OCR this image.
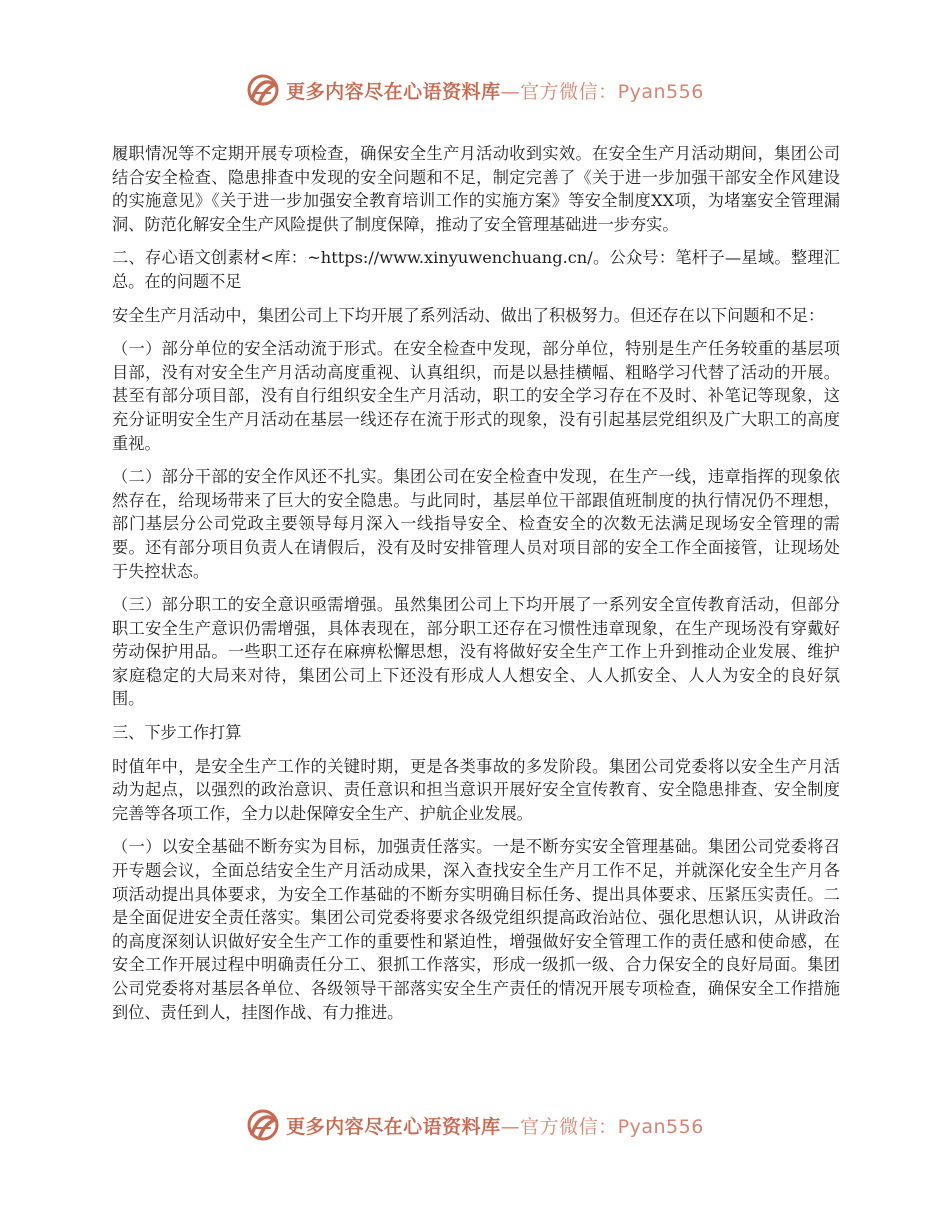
更多内容尽在心语资料库—官方微信：Pyan556

履职情况等不定期开展专项检查，确保安全生产月活动收到实效。在安全生产月活动期间，集团公司结合安全检查、隐患排查中发现的安全问题和不足，制定完善了《关于进一步加强干部安全作风建设的实施意见》《关于进一步加强安全教育培训工作的实施方案》等安全制度XX项，为堵塞安全管理漏洞、防范化解安全生产风险提供了制度保障，推动了安全管理基础进一步夯实。

二、存心语文创素材<库：~https://www.xinyuwenchuang.cn/。公众号：笔杆子—星域。整理汇总。在的问题不足

安全生产月活动中，集团公司上下均开展了系列活动、做出了积极努力。但还存在以下问题和不足：

（一）部分单位的安全活动流于形式。在安全检查中发现，部分单位，特别是生产任务较重的基层项目部，没有对安全生产月活动高度重视、认真组织，而是以悬挂横幅、粗略学习代替了活动的开展。甚至有部分项目部，没有自行组织安全生产月活动，职工的安全学习存在不及时、补笔记等现象，这充分证明安全生产月活动在基层一线还存在流于形式的现象，没有引起基层党组织及广大职工的高度重视。

（二）部分干部的安全作风还不扎实。集团公司在安全检查中发现，在生产一线，违章指挥的现象依然存在，给现场带来了巨大的安全隐患。与此同时，基层单位干部跟值班制度的执行情况仍不理想，部门基层分公司党政主要领导每月深入一线指导安全、检查安全的次数无法满足现场安全管理的需要。还有部分项目负责人在请假后，没有及时安排管理人员对项目部的安全工作全面接管，让现场处于失控状态。

（三）部分职工的安全意识亟需增强。虽然集团公司上下均开展了一系列安全宣传教育活动，但部分职工安全生产意识仍需增强，具体表现在，部分职工还存在习惯性违章现象，在生产现场没有穿戴好劳动保护用品。一些职工还存在麻痹松懈思想，没有将做好安全生产工作上升到推动企业发展、维护家庭稳定的大局来对待，集团公司上下还没有形成人人想安全、人人抓安全、人人为安全的良好氛围。

三、下步工作打算

时值年中，是安全生产工作的关键时期，更是各类事故的多发阶段。集团公司党委将以安全生产月活动为起点，以强烈的政治意识、责任意识和担当意识开展好安全宣传教育、安全隐患排查、安全制度完善等各项工作，全力以赴保障安全生产、护航企业发展。

（一）以安全基础不断夯实为目标，加强责任落实。一是不断夯实安全管理基础。集团公司党委将召开专题会议，全面总结安全生产月活动成果，深入查找安全生产月工作不足，并就深化安全生产月各项活动提出具体要求，为安全工作基础的不断夯实明确目标任务、提出具体要求、压紧压实责任。二是全面促进安全责任落实。集团公司党委将要求各级党组织提高政治站位、强化思想认识，从讲政治的高度深刻认识做好安全生产工作的重要性和紧迫性，增强做好安全管理工作的责任感和使命感，在安全工作开展过程中明确责任分工、狠抓工作落实，形成一级抓一级、合力保安全的良好局面。集团公司党委将对基层各单位、各级领导干部落实安全生产责任的情况开展专项检查，确保安全工作措施到位、责任到人，挂图作战、有力推进。

更多内容尽在心语资料库—官方微信：Pyan556
